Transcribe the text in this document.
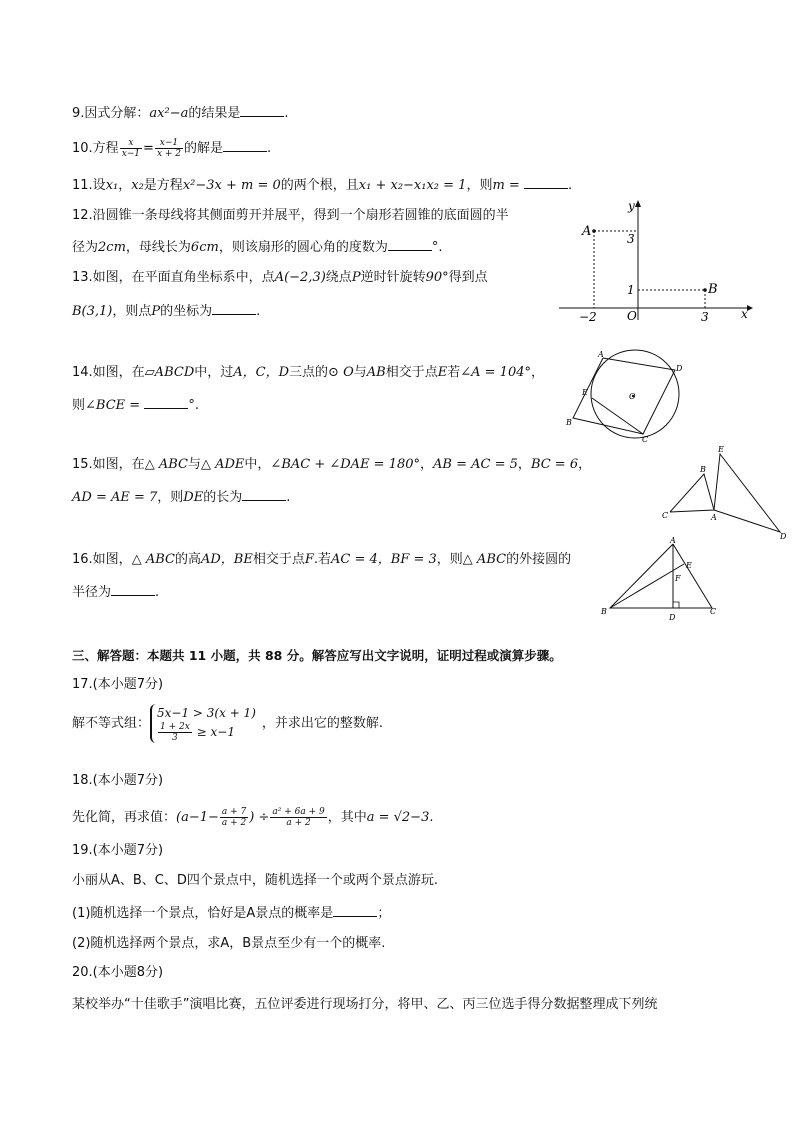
9.因式分解：ax²−a的结果是	.
10.方程 $\frac{x}{x-1} = \frac{x-1}{x + 2}$ 的解是	.
11.设x₁，x₂是方程x²−3x + m = 0的两个根，且x₁ + x₂−x₁x₂ = 1，则m =	.
12.沿圆锥一条母线将其侧面剪开并展平，得到一个扇形若圆锥的底面圆的半
径为2cm，母线长为6cm，则该扇形的圆心角的度数为	°.
13.如图，在平面直角坐标系中，点A(−2,3)绕点P逆时针旋转90°得到点
B(3,1)，则点P的坐标为	.
y
x
A
B
O
3
1
−2	3
14.如图，在▱ABCD中，过A，C，D三点的⊙ O与AB相交于点E若∠A = 104°，
则∠BCE =	°.
A
D
E	O
B
C
15.如图，在△ ABC与△ ADE中，∠BAC + ∠DAE = 180°，AB = AC = 5，BC = 6，
AD = AE = 7，则DE的长为	.
E
B
C	A
D
16.如图，△ ABC的高AD，BE相交于点F.若AC = 4，BF = 3，则△ ABC的外接圆的
半径为	.
A
E
F
B
D
C
三、解答题：本题共 11 小题，共 88 分。解答应写出文字说明，证明过程或演算步骤。
17.(本小题7分)
解不等式组：
5x−1 > 3(x + 1)
$\frac{1 + 2x}{3} \ge x-1$
，并求出它的整数解.
18.(本小题7分)
先化简，再求值：($a-1- \frac{a + 7}{a + 2}$ ) ÷ $\frac{\text{a² + 6a + 9}}{a + 2}$ ，其中a = √2−3.
19.(本小题7分)
小丽从A、B、C、D四个景点中，随机选择一个或两个景点游玩.
(1)随机选择一个景点，恰好是A景点的概率是	；
(2)随机选择两个景点，求A，B景点至少有一个的概率.
20.(本小题8分)
某校举办“十佳歌手”演唱比赛，五位评委进行现场打分，将甲、乙、丙三位选手得分数据整理成下列统
